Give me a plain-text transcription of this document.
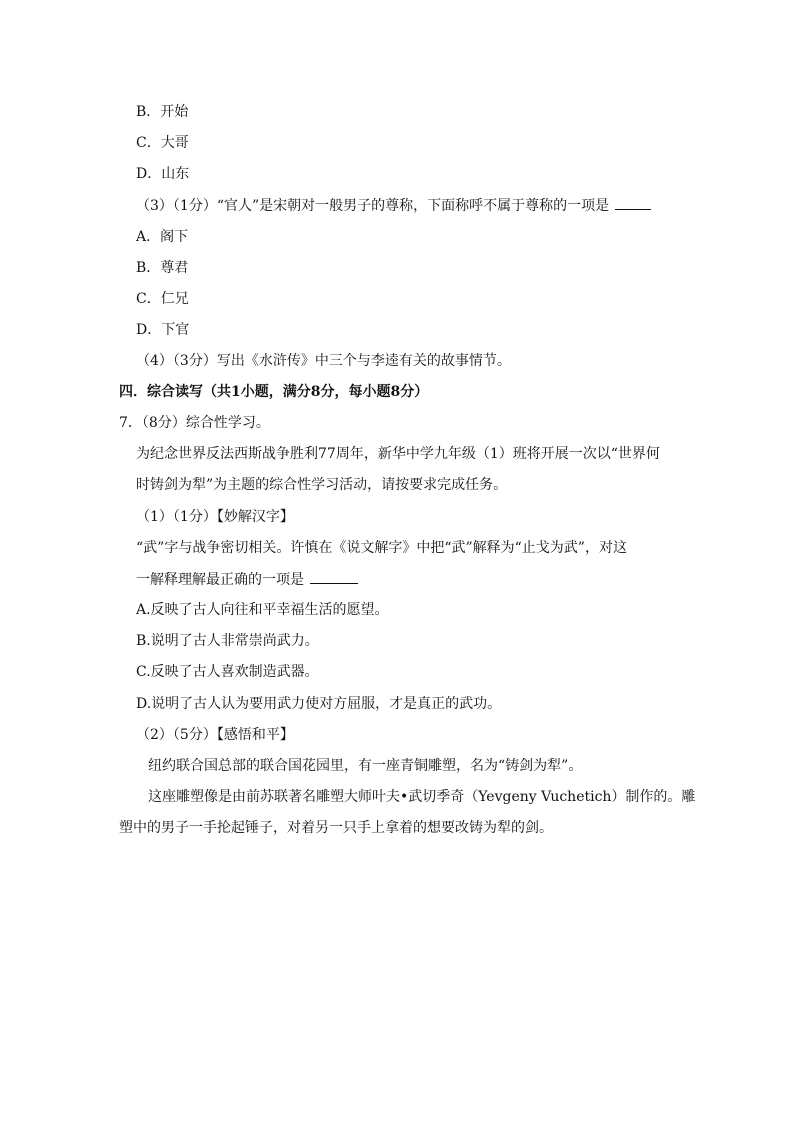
B．开始
C．大哥
D．山东
（3）（1分）“官人”是宋朝对一般男子的尊称，下面称呼不属于尊称的一项是
A．阁下
B．尊君
C．仁兄
D．下官
（4）（3分）写出《水浒传》中三个与李逵有关的故事情节。
四．综合读写（共1小题，满分8分，每小题8分）
7．（8分）综合性学习。
为纪念世界反法西斯战争胜利77周年，新华中学九年级（1）班将开展一次以“世界何
时铸剑为犁”为主题的综合性学习活动，请按要求完成任务。
（1）（1分）【妙解汉字】
“武”字与战争密切相关。许慎在《说文解字》中把“武”解释为“止戈为武”，对这
一解释理解最正确的一项是
A.反映了古人向往和平幸福生活的愿望。
B.说明了古人非常崇尚武力。
C.反映了古人喜欢制造武器。
D.说明了古人认为要用武力使对方屈服，才是真正的武功。
（2）（5分）【感悟和平】
纽约联合国总部的联合国花园里，有一座青铜雕塑，名为“铸剑为犁”。
这座雕塑像是由前苏联著名雕塑大师叶夫•武切季奇（Yevgeny Vuchetich）制作的。雕
塑中的男子一手抡起锤子，对着另一只手上拿着的想要改铸为犁的剑。
